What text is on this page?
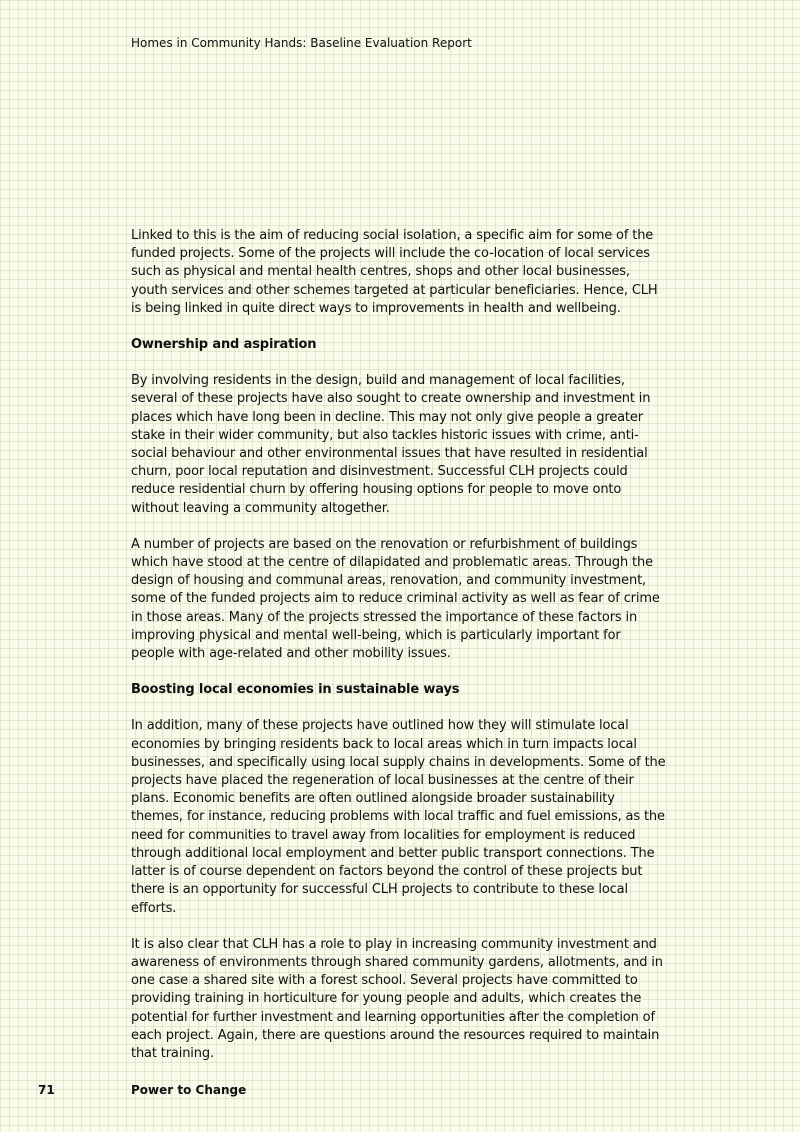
Homes in Community Hands: Baseline Evaluation Report

Linked to this is the aim of reducing social isolation, a specific aim for some of the funded projects. Some of the projects will include the co-location of local services such as physical and mental health centres, shops and other local businesses, youth services and other schemes targeted at particular beneficiaries. Hence, CLH is being linked in quite direct ways to improvements in health and wellbeing.

Ownership and aspiration

By involving residents in the design, build and management of local facilities, several of these projects have also sought to create ownership and investment in places which have long been in decline. This may not only give people a greater stake in their wider community, but also tackles historic issues with crime, anti-social behaviour and other environmental issues that have resulted in residential churn, poor local reputation and disinvestment. Successful CLH projects could reduce residential churn by offering housing options for people to move onto without leaving a community altogether.

A number of projects are based on the renovation or refurbishment of buildings which have stood at the centre of dilapidated and problematic areas. Through the design of housing and communal areas, renovation, and community investment, some of the funded projects aim to reduce criminal activity as well as fear of crime in those areas. Many of the projects stressed the importance of these factors in improving physical and mental well-being, which is particularly important for people with age-related and other mobility issues.

Boosting local economies in sustainable ways

In addition, many of these projects have outlined how they will stimulate local economies by bringing residents back to local areas which in turn impacts local businesses, and specifically using local supply chains in developments. Some of the projects have placed the regeneration of local businesses at the centre of their plans. Economic benefits are often outlined alongside broader sustainability themes, for instance, reducing problems with local traffic and fuel emissions, as the need for communities to travel away from localities for employment is reduced through additional local employment and better public transport connections. The latter is of course dependent on factors beyond the control of these projects but there is an opportunity for successful CLH projects to contribute to these local efforts.

It is also clear that CLH has a role to play in increasing community investment and awareness of environments through shared community gardens, allotments, and in one case a shared site with a forest school. Several projects have committed to providing training in horticulture for young people and adults, which creates the potential for further investment and learning opportunities after the completion of each project. Again, there are questions around the resources required to maintain that training.

71	Power to Change
